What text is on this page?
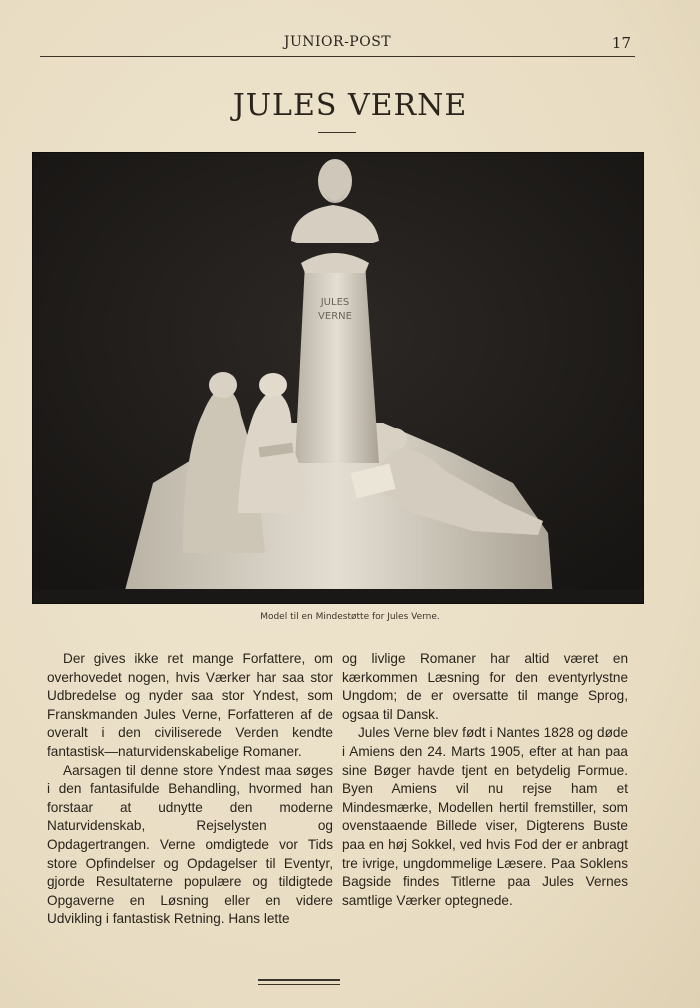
JUNIOR-POST	17
JULES VERNE
JULES
VERNE
Model til en Mindestøtte for Jules Verne.

Der gives ikke ret mange Forfattere, om overhovedet nogen, hvis Værker har saa stor Udbredelse og nyder saa stor Yndest, som Franskmanden Jules Verne, Forfatteren af de overalt i den civiliserede Verden kendte fantastisk—naturvidenskabelige Romaner.

Aarsagen til denne store Yndest maa søges i den fantasifulde Behandling, hvormed han forstaar at udnytte den moderne Naturvidenskab, Rejselysten og Opdagertrangen. Verne omdigtede vor Tids store Opfindelser og Opdagelser til Eventyr, gjorde Resultaterne populære og tildigtede Opgaverne en Løsning eller en videre Udvikling i fantastisk Retning. Hans lette

og livlige Romaner har altid været en kærkommen Læsning for den eventyrlystne Ungdom; de er oversatte til mange Sprog, ogsaa til Dansk.

Jules Verne blev født i Nantes 1828 og døde i Amiens den 24. Marts 1905, efter at han paa sine Bøger havde tjent en betydelig Formue. Byen Amiens vil nu rejse ham et Mindesmærke, Modellen hertil fremstiller, som ovenstaaende Billede viser, Digterens Buste paa en høj Sokkel, ved hvis Fod der er anbragt tre ivrige, ungdommelige Læsere. Paa Soklens Bagside findes Titlerne paa Jules Vernes samtlige Værker optegnede.
